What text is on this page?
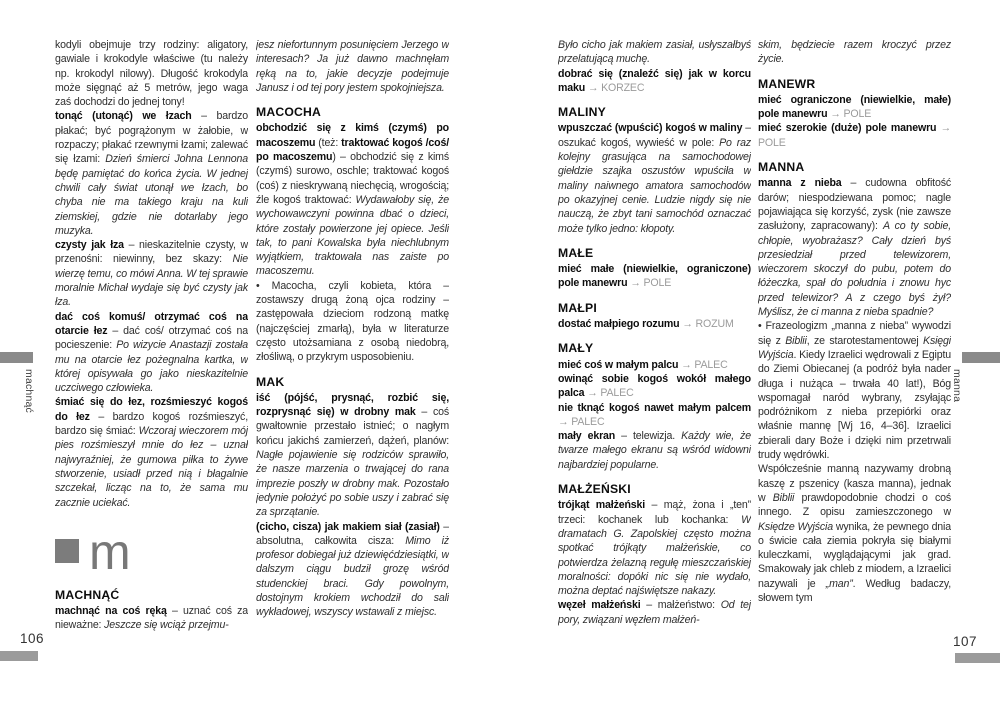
machnąć	manna

kodyli obejmuje trzy rodziny: aligatory, gawiale i krokodyle właściwe (tu należy np. krokodyl nilowy). Długość krokodyla może sięgnąć aż 5 metrów, jego waga zaś dochodzi do jednej tony!

tonąć (utonąć) we łzach – bardzo płakać; być pogrążonym w żałobie, w rozpaczy; płakać rzewnymi łzami; zalewać się łzami: Dzień śmierci Johna Lennona będę pamiętać do końca życia. W jednej chwili cały świat utonął we łzach, bo chyba nie ma takiego kraju na kuli ziemskiej, gdzie nie dotarłaby jego muzyka.

czysty jak łza – nieskazitelnie czysty, w przenośni: niewinny, bez skazy: Nie wierzę temu, co mówi Anna. W tej sprawie moralnie Michał wydaje się być czysty jak łza.

dać coś komuś/ otrzymać coś na otarcie łez – dać coś/ otrzymać coś na pocieszenie: Po wizycie Anastazji została mu na otarcie łez pożegnalna kartka, w której opisywała go jako nieskazitelnie uczciwego człowieka.

śmiać się do łez, rozśmieszyć kogoś do łez – bardzo kogoś rozśmieszyć, bardzo się śmiać: Wczoraj wieczorem mój pies rozśmieszył mnie do łez – uznał najwyraźniej, że gumowa piłka to żywe stworzenie, usiadł przed nią i błagalnie szczekał, licząc na to, że sama mu zacznie uciekać.

m
MACHNĄĆ

machnąć na coś ręką – uznać coś za nieważne: Jeszcze się wciąż przejmu-

jesz niefortunnym posunięciem Jerzego w interesach? Ja już dawno machnęłam ręką na to, jakie decyzje podejmuje Janusz i od tej pory jestem spokojniejsza.

MACOCHA

obchodzić się z kimś (czymś) po macoszemu (też: traktować kogoś /coś/ po macoszemu) – obchodzić się z kimś (czymś) surowo, oschle; traktować kogoś (coś) z nieskrywaną niechęcią, wrogością; źle kogoś traktować: Wydawałoby się, że wychowawczyni powinna dbać o dzieci, które zostały powierzone jej opiece. Jeśli tak, to pani Kowalska była niechlubnym wyjątkiem, traktowała nas zaiste po macoszemu.

• Macocha, czyli kobieta, która – zostawszy drugą żoną ojca rodziny – zastępowała dzieciom rodzoną matkę (najczęściej zmarłą), była w literaturze często utożsamiana z osobą niedobrą, złośliwą, o przykrym usposobieniu.

MAK

iść (pójść, prysnąć, rozbić się, rozprysnąć się) w drobny mak – coś gwałtownie przestało istnieć; o nagłym końcu jakichś zamierzeń, dążeń, planów: Nagłe pojawienie się rodziców sprawiło, że nasze marzenia o trwającej do rana imprezie poszły w drobny mak. Pozostało jedynie położyć po sobie uszy i zabrać się za sprzątanie.

(cicho, cisza) jak makiem siał (zasiał) – absolutna, całkowita cisza: Mimo iż profesor dobiegał już dziewięćdziesiątki, w dalszym ciągu budził grozę wśród studenckiej braci. Gdy powolnym, dostojnym krokiem wchodził do sali wykładowej, wszyscy wstawali z miejsc.

Było cicho jak makiem zasiał, usłyszałbyś przelatującą muchę.

dobrać się (znaleźć się) jak w korcu maku → KORZEC

MALINY

wpuszczać (wpuścić) kogoś w maliny – oszukać kogoś, wywieść w pole: Po raz kolejny grasująca na samochodowej giełdzie szajka oszustów wpuściła w maliny naiwnego amatora samochodów po okazyjnej cenie. Ludzie nigdy się nie nauczą, że zbyt tani samochód oznaczać może tylko jedno: kłopoty.

MAŁE

mieć małe (niewielkie, ograniczone) pole manewru → POLE

MAŁPI

dostać małpiego rozumu → ROZUM

MAŁY

mieć coś w małym palcu → PALEC

owinąć sobie kogoś wokół małego palca → PALEC

nie tknąć kogoś nawet małym palcem → PALEC

mały ekran – telewizja. Każdy wie, że twarze małego ekranu są wśród widowni najbardziej popularne.

MAŁŻEŃSKI

trójkąt małżeński – mąż, żona i „ten” trzeci: kochanek lub kochanka: W dramatach G. Zapolskiej często można spotkać trójkąty małżeńskie, co potwierdza żelazną regułę mieszczańskiej moralności: dopóki nic się nie wydało, można deptać najświętsze nakazy.

węzeł małżeński – małżeństwo: Od tej pory, związani węzłem małżeń-

skim, będziecie razem kroczyć przez życie.

MANEWR

mieć ograniczone (niewielkie, małe) pole manewru → POLE

mieć szerokie (duże) pole manewru → POLE

MANNA

manna z nieba – cudowna obfitość darów; niespodziewana pomoc; nagle pojawiająca się korzyść, zysk (nie zawsze zasłużony, zapracowany): A co ty sobie, chłopie, wyobrażasz? Cały dzień byś przesiedział przed telewizorem, wieczorem skoczył do pubu, potem do łóżeczka, spał do południa i znowu hyc przed telewizor? A z czego byś żył? Myślisz, że ci manna z nieba spadnie?

• Frazeologizm „manna z nieba” wywodzi się z Biblii, ze starotestamentowej Księgi Wyjścia. Kiedy Izraelici wędrowali z Egiptu do Ziemi Obiecanej (a podróż była nader długa i nużąca – trwała 40 lat!), Bóg wspomagał naród wybrany, zsyłając podróżnikom z nieba przepiórki oraz właśnie mannę [Wj 16, 4–36]. Izraelici zbierali dary Boże i dzięki nim przetrwali trudy wędrówki.

Współcześnie manną nazywamy drobną kaszę z pszenicy (kasza manna), jednak w Biblii prawdopodobnie chodzi o coś innego. Z opisu zamieszczonego w Księdze Wyjścia wynika, że pewnego dnia o świcie cała ziemia pokryła się białymi kuleczkami, wyglądającymi jak grad. Smakowały jak chleb z miodem, a Izraelici nazywali je „man”. Według badaczy, słowem tym

106	107
